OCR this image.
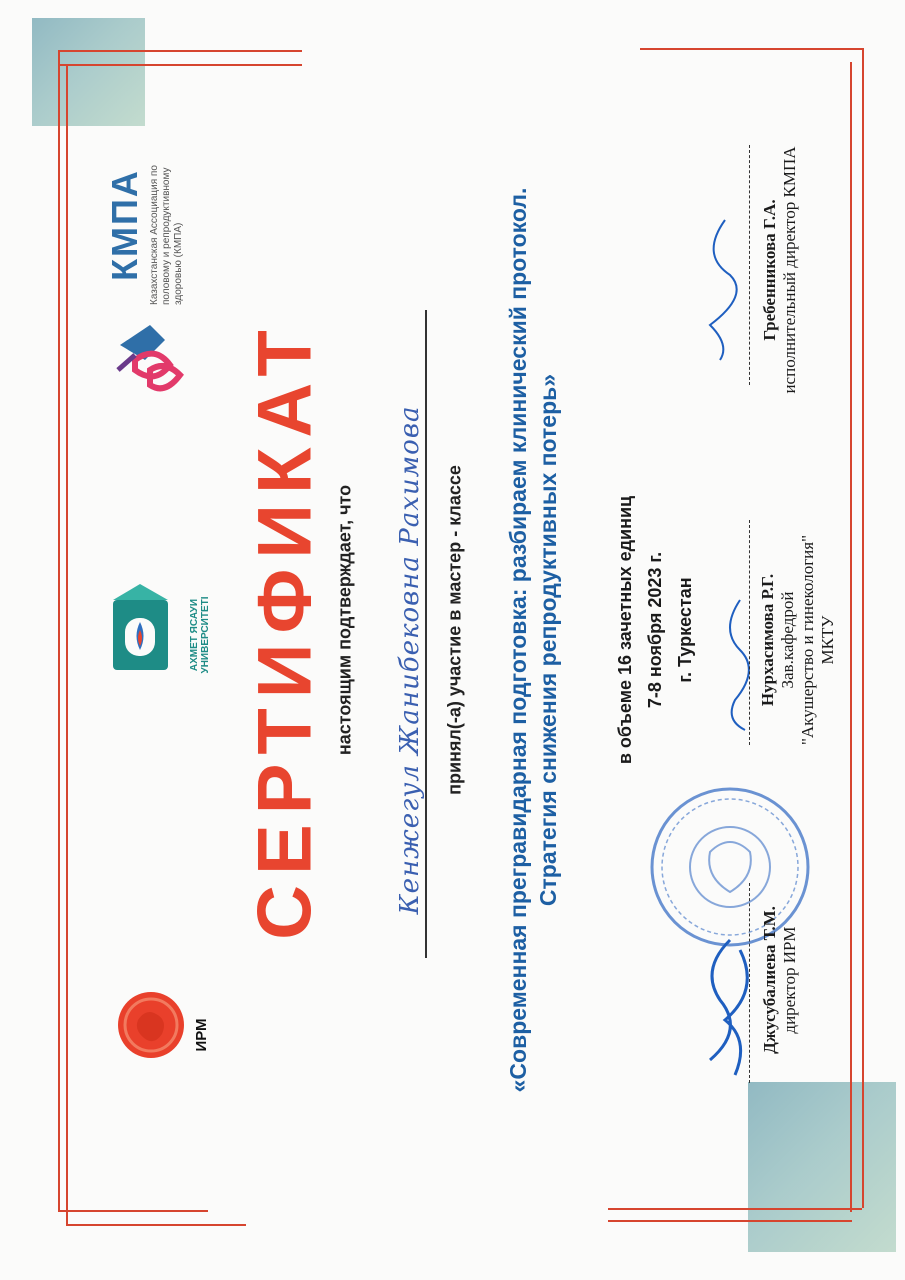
ИРМ
АХМЕТ ЯСАУИ УНИВЕРСИТЕТІ
КМПА Казахстанская Ассоциация по половому и репродуктивному здоровью (КМПА)
СЕРТИФИКАТ настоящим подтверждает, что Кенжегул Жанибековна Рахимова принял(-а) участие в мастер - классе «Современная прегравидарная подготовка: разбираем клинический протокол. Стратегия снижения репродуктивных потерь»	в объеме 16 зачетных единиц 7-8 ноября 2023 г. г. Туркестан
Джусубалиева Т.М. директор ИРМ
Нурхасимова Р.Г. Зав.кафедрой "Акушерство и гинекология" МКТУ
Гребенникова Г.А. исполнительный директор КМПА
